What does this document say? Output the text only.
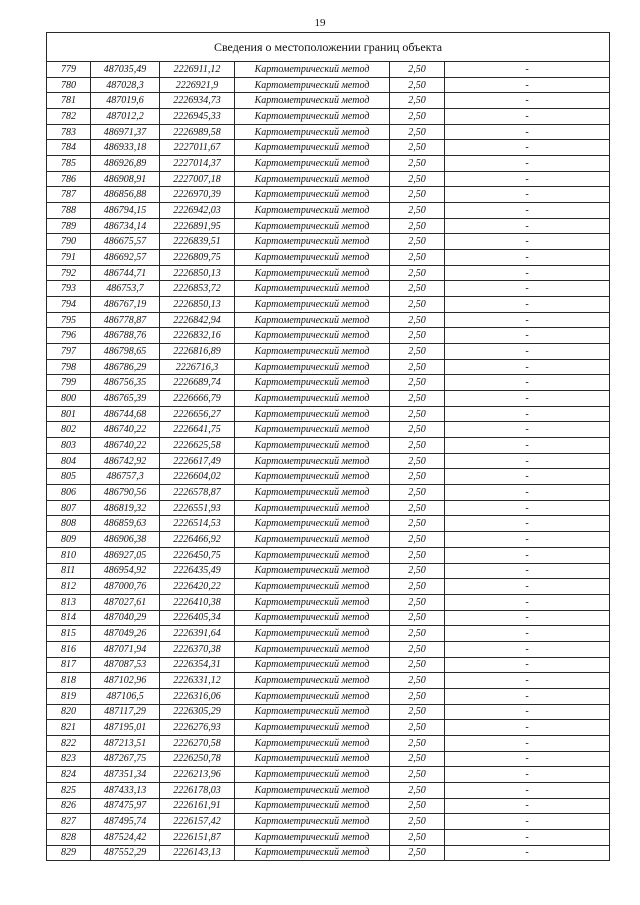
19
Сведения о местоположении границ объекта					
779	487035,49	2226911,12	Картометрический метод	2,50	-
780	487028,3	2226921,9	Картометрический метод	2,50	-
781	487019,6	2226934,73	Картометрический метод	2,50	-
782	487012,2	2226945,33	Картометрический метод	2,50	-
783	486971,37	2226989,58	Картометрический метод	2,50	-
784	486933,18	2227011,67	Картометрический метод	2,50	-
785	486926,89	2227014,37	Картометрический метод	2,50	-
786	486908,91	2227007,18	Картометрический метод	2,50	-
787	486856,88	2226970,39	Картометрический метод	2,50	-
788	486794,15	2226942,03	Картометрический метод	2,50	-
789	486734,14	2226891,95	Картометрический метод	2,50	-
790	486675,57	2226839,51	Картометрический метод	2,50	-
791	486692,57	2226809,75	Картометрический метод	2,50	-
792	486744,71	2226850,13	Картометрический метод	2,50	-
793	486753,7	2226853,72	Картометрический метод	2,50	-
794	486767,19	2226850,13	Картометрический метод	2,50	-
795	486778,87	2226842,94	Картометрический метод	2,50	-
796	486788,76	2226832,16	Картометрический метод	2,50	-
797	486798,65	2226816,89	Картометрический метод	2,50	-
798	486786,29	2226716,3	Картометрический метод	2,50	-
799	486756,35	2226689,74	Картометрический метод	2,50	-
800	486765,39	2226666,79	Картометрический метод	2,50	-
801	486744,68	2226656,27	Картометрический метод	2,50	-
802	486740,22	2226641,75	Картометрический метод	2,50	-
803	486740,22	2226625,58	Картометрический метод	2,50	-
804	486742,92	2226617,49	Картометрический метод	2,50	-
805	486757,3	2226604,02	Картометрический метод	2,50	-
806	486790,56	2226578,87	Картометрический метод	2,50	-
807	486819,32	2226551,93	Картометрический метод	2,50	-
808	486859,63	2226514,53	Картометрический метод	2,50	-
809	486906,38	2226466,92	Картометрический метод	2,50	-
810	486927,05	2226450,75	Картометрический метод	2,50	-
811	486954,92	2226435,49	Картометрический метод	2,50	-
812	487000,76	2226420,22	Картометрический метод	2,50	-
813	487027,61	2226410,38	Картометрический метод	2,50	-
814	487040,29	2226405,34	Картометрический метод	2,50	-
815	487049,26	2226391,64	Картометрический метод	2,50	-
816	487071,94	2226370,38	Картометрический метод	2,50	-
817	487087,53	2226354,31	Картометрический метод	2,50	-
818	487102,96	2226331,12	Картометрический метод	2,50	-
819	487106,5	2226316,06	Картометрический метод	2,50	-
820	487117,29	2226305,29	Картометрический метод	2,50	-
821	487195,01	2226276,93	Картометрический метод	2,50	-
822	487213,51	2226270,58	Картометрический метод	2,50	-
823	487267,75	2226250,78	Картометрический метод	2,50	-
824	487351,34	2226213,96	Картометрический метод	2,50	-
825	487433,13	2226178,03	Картометрический метод	2,50	-
826	487475,97	2226161,91	Картометрический метод	2,50	-
827	487495,74	2226157,42	Картометрический метод	2,50	-
828	487524,42	2226151,87	Картометрический метод	2,50	-
829	487552,29	2226143,13	Картометрический метод	2,50	-
